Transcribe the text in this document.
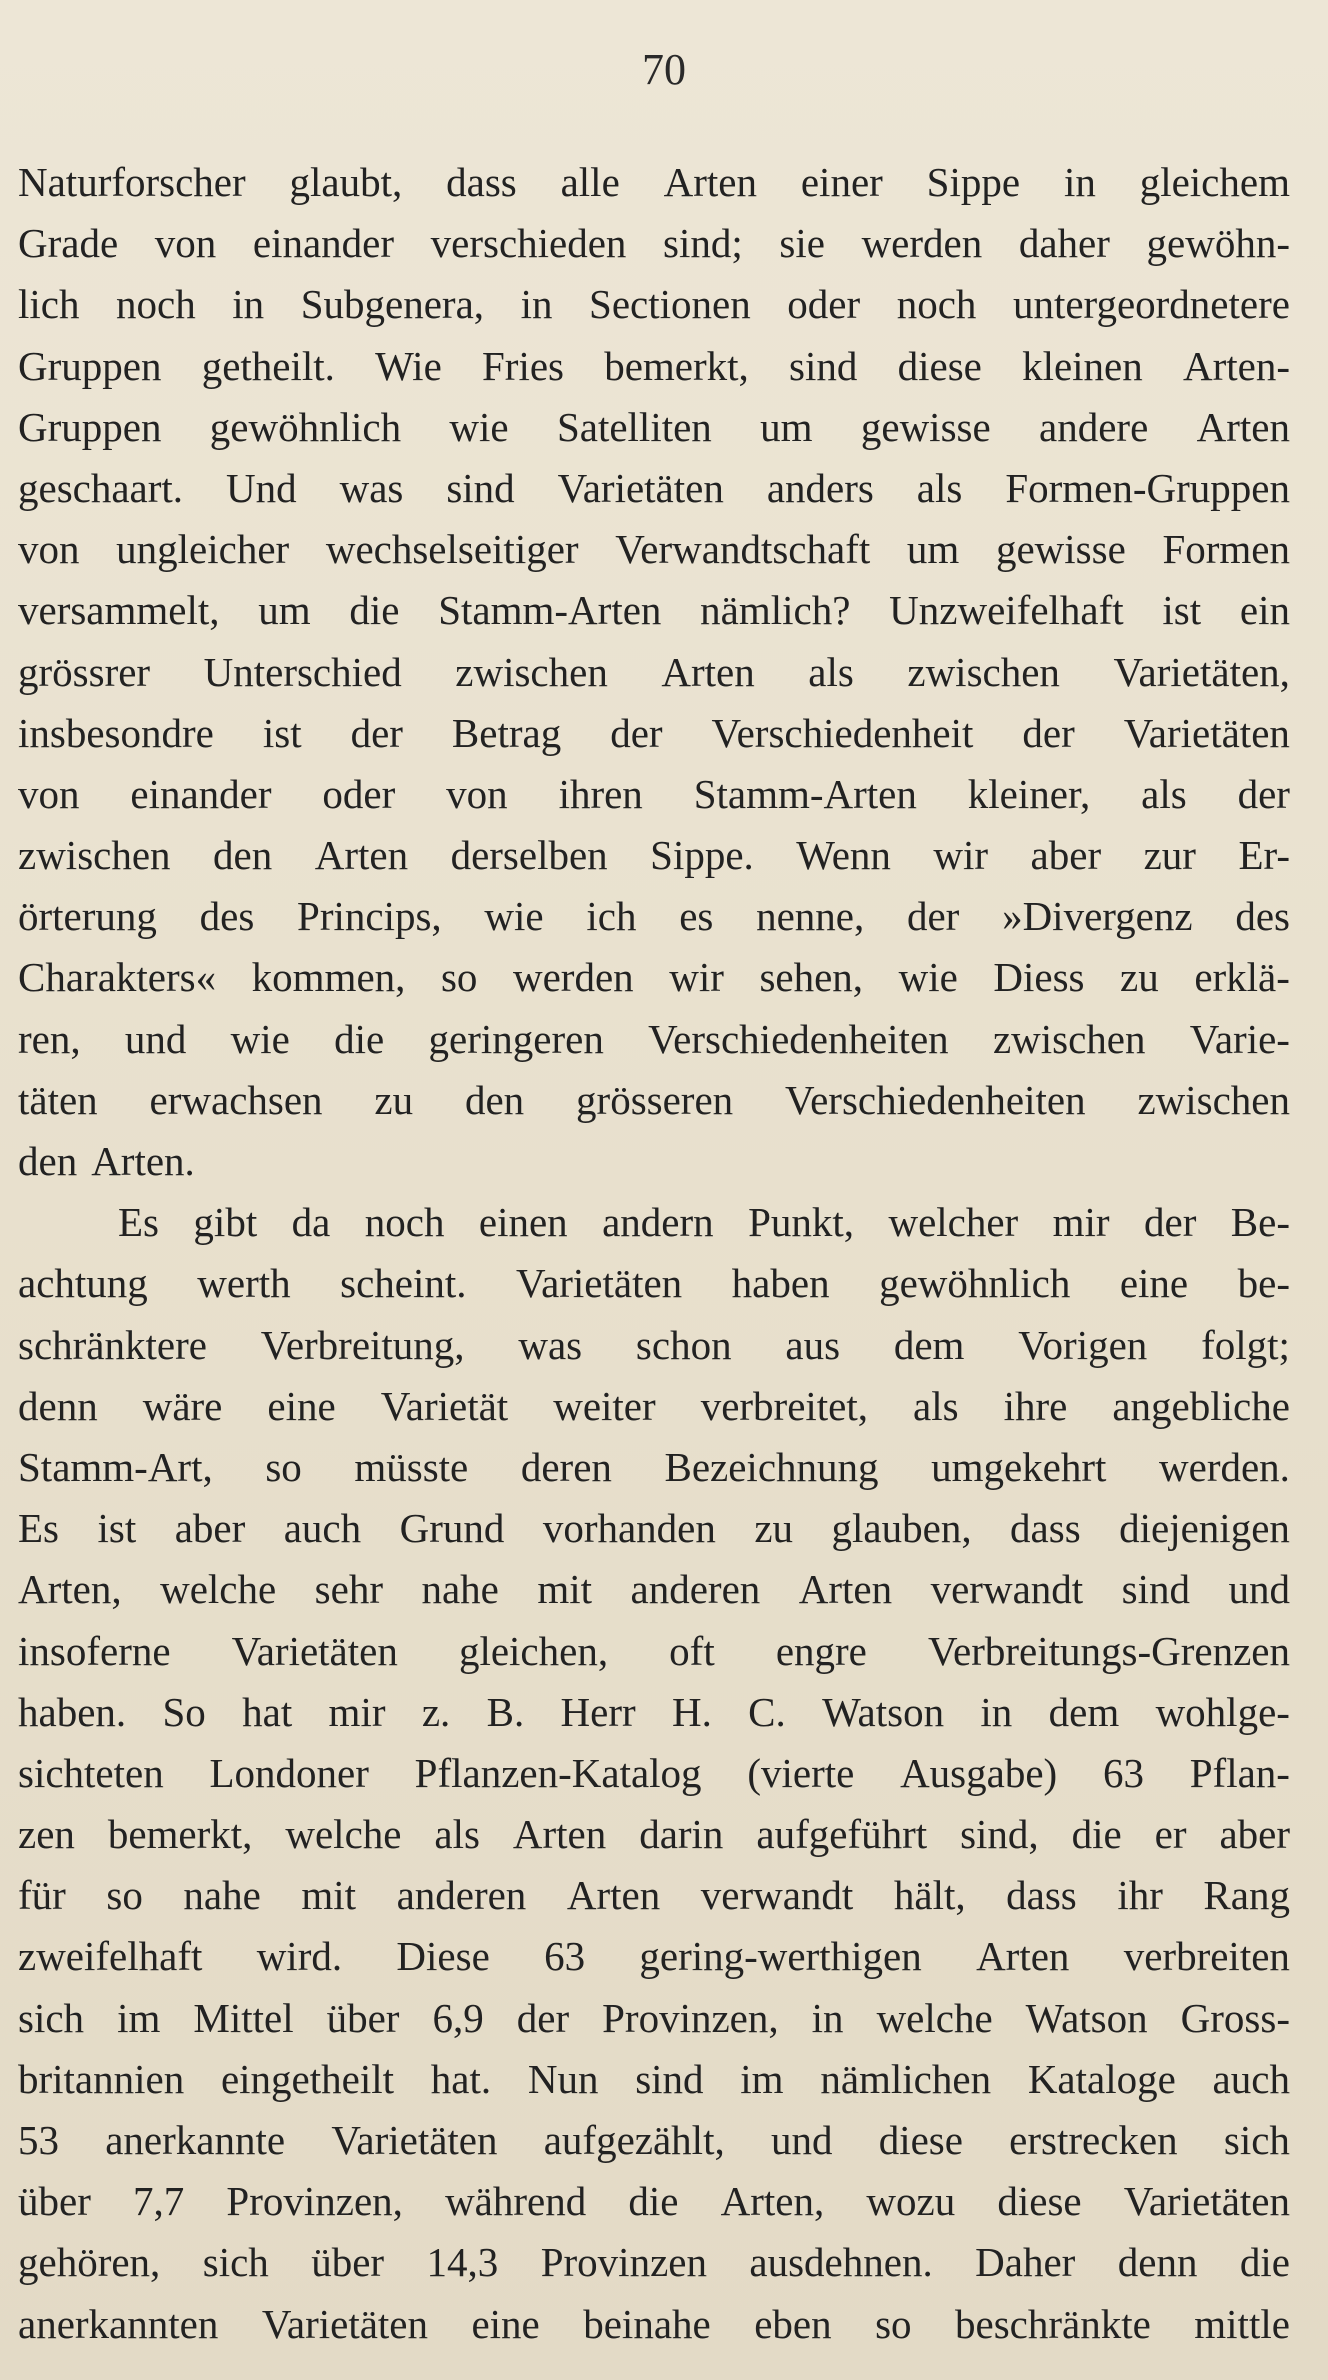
70
Naturforscher glaubt, dass alle Arten einer Sippe in gleichem
Grade von einander verschieden sind; sie werden daher gewöhn-
lich noch in Subgenera, in Sectionen oder noch untergeordnetere
Gruppen getheilt. Wie Fries bemerkt, sind diese kleinen Arten-
Gruppen gewöhnlich wie Satelliten um gewisse andere Arten
geschaart. Und was sind Varietäten anders als Formen-Gruppen
von ungleicher wechselseitiger Verwandtschaft um gewisse Formen
versammelt, um die Stamm-Arten nämlich? Unzweifelhaft ist ein
grössrer Unterschied zwischen Arten als zwischen Varietäten,
insbesondre ist der Betrag der Verschiedenheit der Varietäten
von einander oder von ihren Stamm-Arten kleiner, als der
zwischen den Arten derselben Sippe. Wenn wir aber zur Er-
örterung des Princips, wie ich es nenne, der »Divergenz des
Charakters« kommen, so werden wir sehen, wie Diess zu erklä-
ren, und wie die geringeren Verschiedenheiten zwischen Varie-
täten erwachsen zu den grösseren Verschiedenheiten zwischen
den Arten.
Es gibt da noch einen andern Punkt, welcher mir der Be-
achtung werth scheint. Varietäten haben gewöhnlich eine be-
schränktere Verbreitung, was schon aus dem Vorigen folgt;
denn wäre eine Varietät weiter verbreitet, als ihre angebliche
Stamm-Art, so müsste deren Bezeichnung umgekehrt werden.
Es ist aber auch Grund vorhanden zu glauben, dass diejenigen
Arten, welche sehr nahe mit anderen Arten verwandt sind und
insoferne Varietäten gleichen, oft engre Verbreitungs-Grenzen
haben. So hat mir z. B. Herr H. C. Watson in dem wohlge-
sichteten Londoner Pflanzen-Katalog (vierte Ausgabe) 63 Pflan-
zen bemerkt, welche als Arten darin aufgeführt sind, die er aber
für so nahe mit anderen Arten verwandt hält, dass ihr Rang
zweifelhaft wird. Diese 63 gering-werthigen Arten verbreiten
sich im Mittel über 6,9 der Provinzen, in welche Watson Gross-
britannien eingetheilt hat. Nun sind im nämlichen Kataloge auch
53 anerkannte Varietäten aufgezählt, und diese erstrecken sich
über 7,7 Provinzen, während die Arten, wozu diese Varietäten
gehören, sich über 14,3 Provinzen ausdehnen. Daher denn die
anerkannten Varietäten eine beinahe eben so beschränkte mittle
